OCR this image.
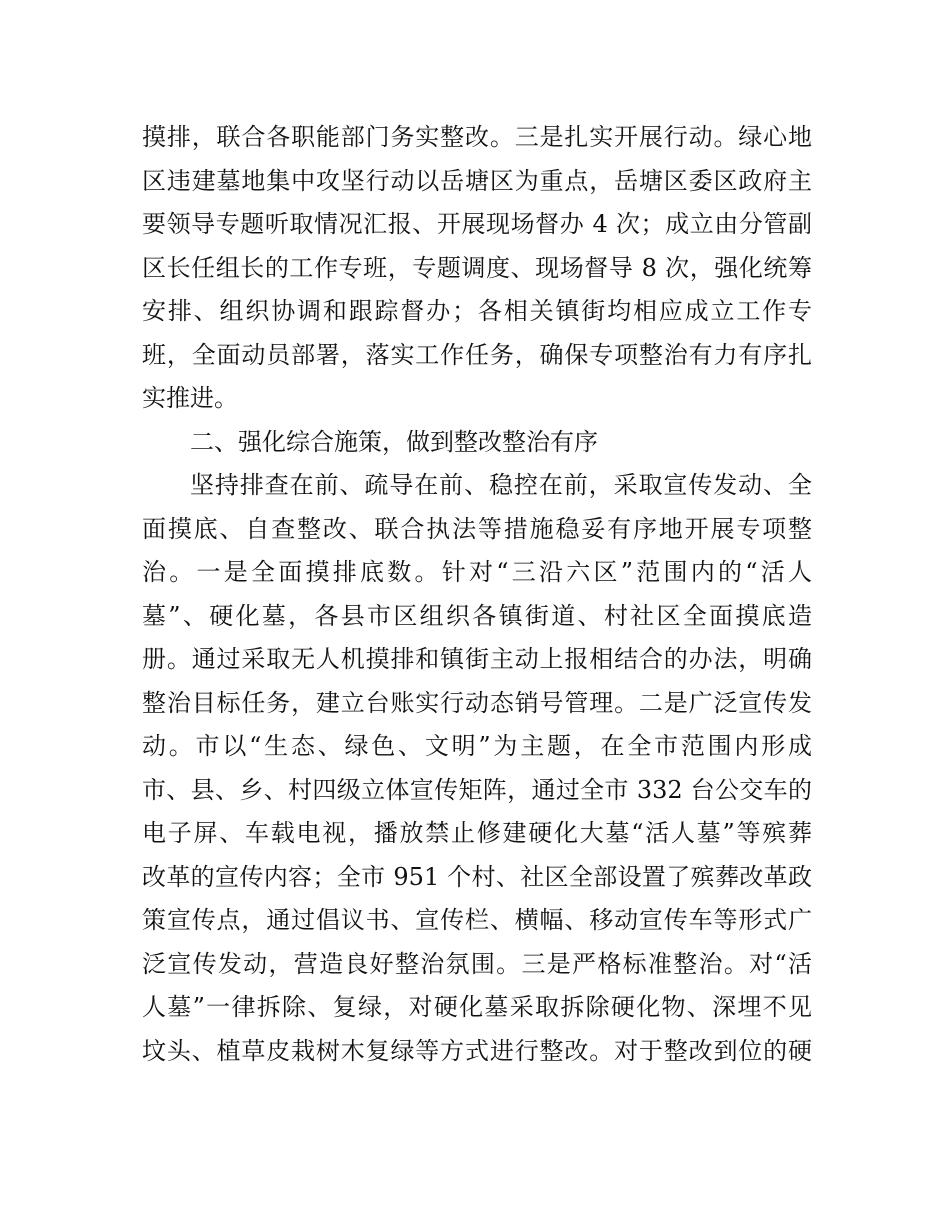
摸排，联合各职能部门务实整改。三是扎实开展行动。绿心地
区违建墓地集中攻坚行动以岳塘区为重点，岳塘区委区政府主
要领导专题听取情况汇报、开展现场督办 4 次；成立由分管副
区长任组长的工作专班，专题调度、现场督导 8 次，强化统筹
安排、组织协调和跟踪督办；各相关镇街均相应成立工作专
班，全面动员部署，落实工作任务，确保专项整治有力有序扎
实推进。
二、强化综合施策，做到整改整治有序
坚持排查在前、疏导在前、稳控在前，采取宣传发动、全
面摸底、自查整改、联合执法等措施稳妥有序地开展专项整
治。一是全面摸排底数。针对“三沿六区”范围内的“活人
墓”、硬化墓，各县市区组织各镇街道、村社区全面摸底造
册。通过采取无人机摸排和镇街主动上报相结合的办法，明确
整治目标任务，建立台账实行动态销号管理。二是广泛宣传发
动。市以“生态、绿色、文明”为主题，在全市范围内形成
市、县、乡、村四级立体宣传矩阵，通过全市 332 台公交车的
电子屏、车载电视，播放禁止修建硬化大墓“活人墓”等殡葬
改革的宣传内容；全市 951 个村、社区全部设置了殡葬改革政
策宣传点，通过倡议书、宣传栏、横幅、移动宣传车等形式广
泛宣传发动，营造良好整治氛围。三是严格标准整治。对“活
人墓”一律拆除、复绿，对硬化墓采取拆除硬化物、深埋不见
坟头、植草皮栽树木复绿等方式进行整改。对于整改到位的硬
